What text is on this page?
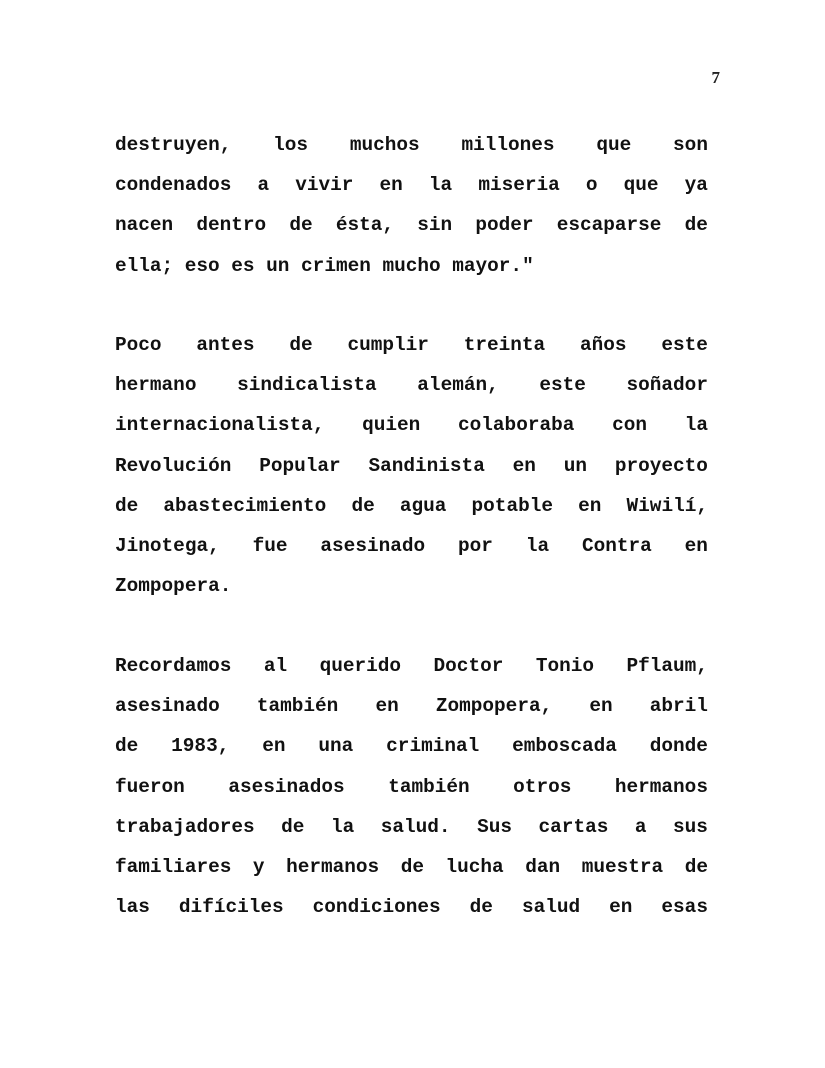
7
destruyen, los muchos millones que son
condenados a vivir en la miseria o que ya
nacen dentro de ésta, sin poder escaparse de
ella; eso es un crimen mucho mayor."
Poco antes de cumplir treinta años este
hermano sindicalista alemán, este soñador
internacionalista, quien colaboraba con la
Revolución Popular Sandinista en un proyecto
de abastecimiento de agua potable en Wiwilí,
Jinotega, fue asesinado por la Contra en
Zompopera.
Recordamos al querido Doctor Tonio Pflaum,
asesinado también en Zompopera, en abril
de 1983, en una criminal emboscada donde
fueron asesinados también otros hermanos
trabajadores de la salud. Sus cartas a sus
familiares y hermanos de lucha dan muestra de
las difíciles condiciones de salud en esas
